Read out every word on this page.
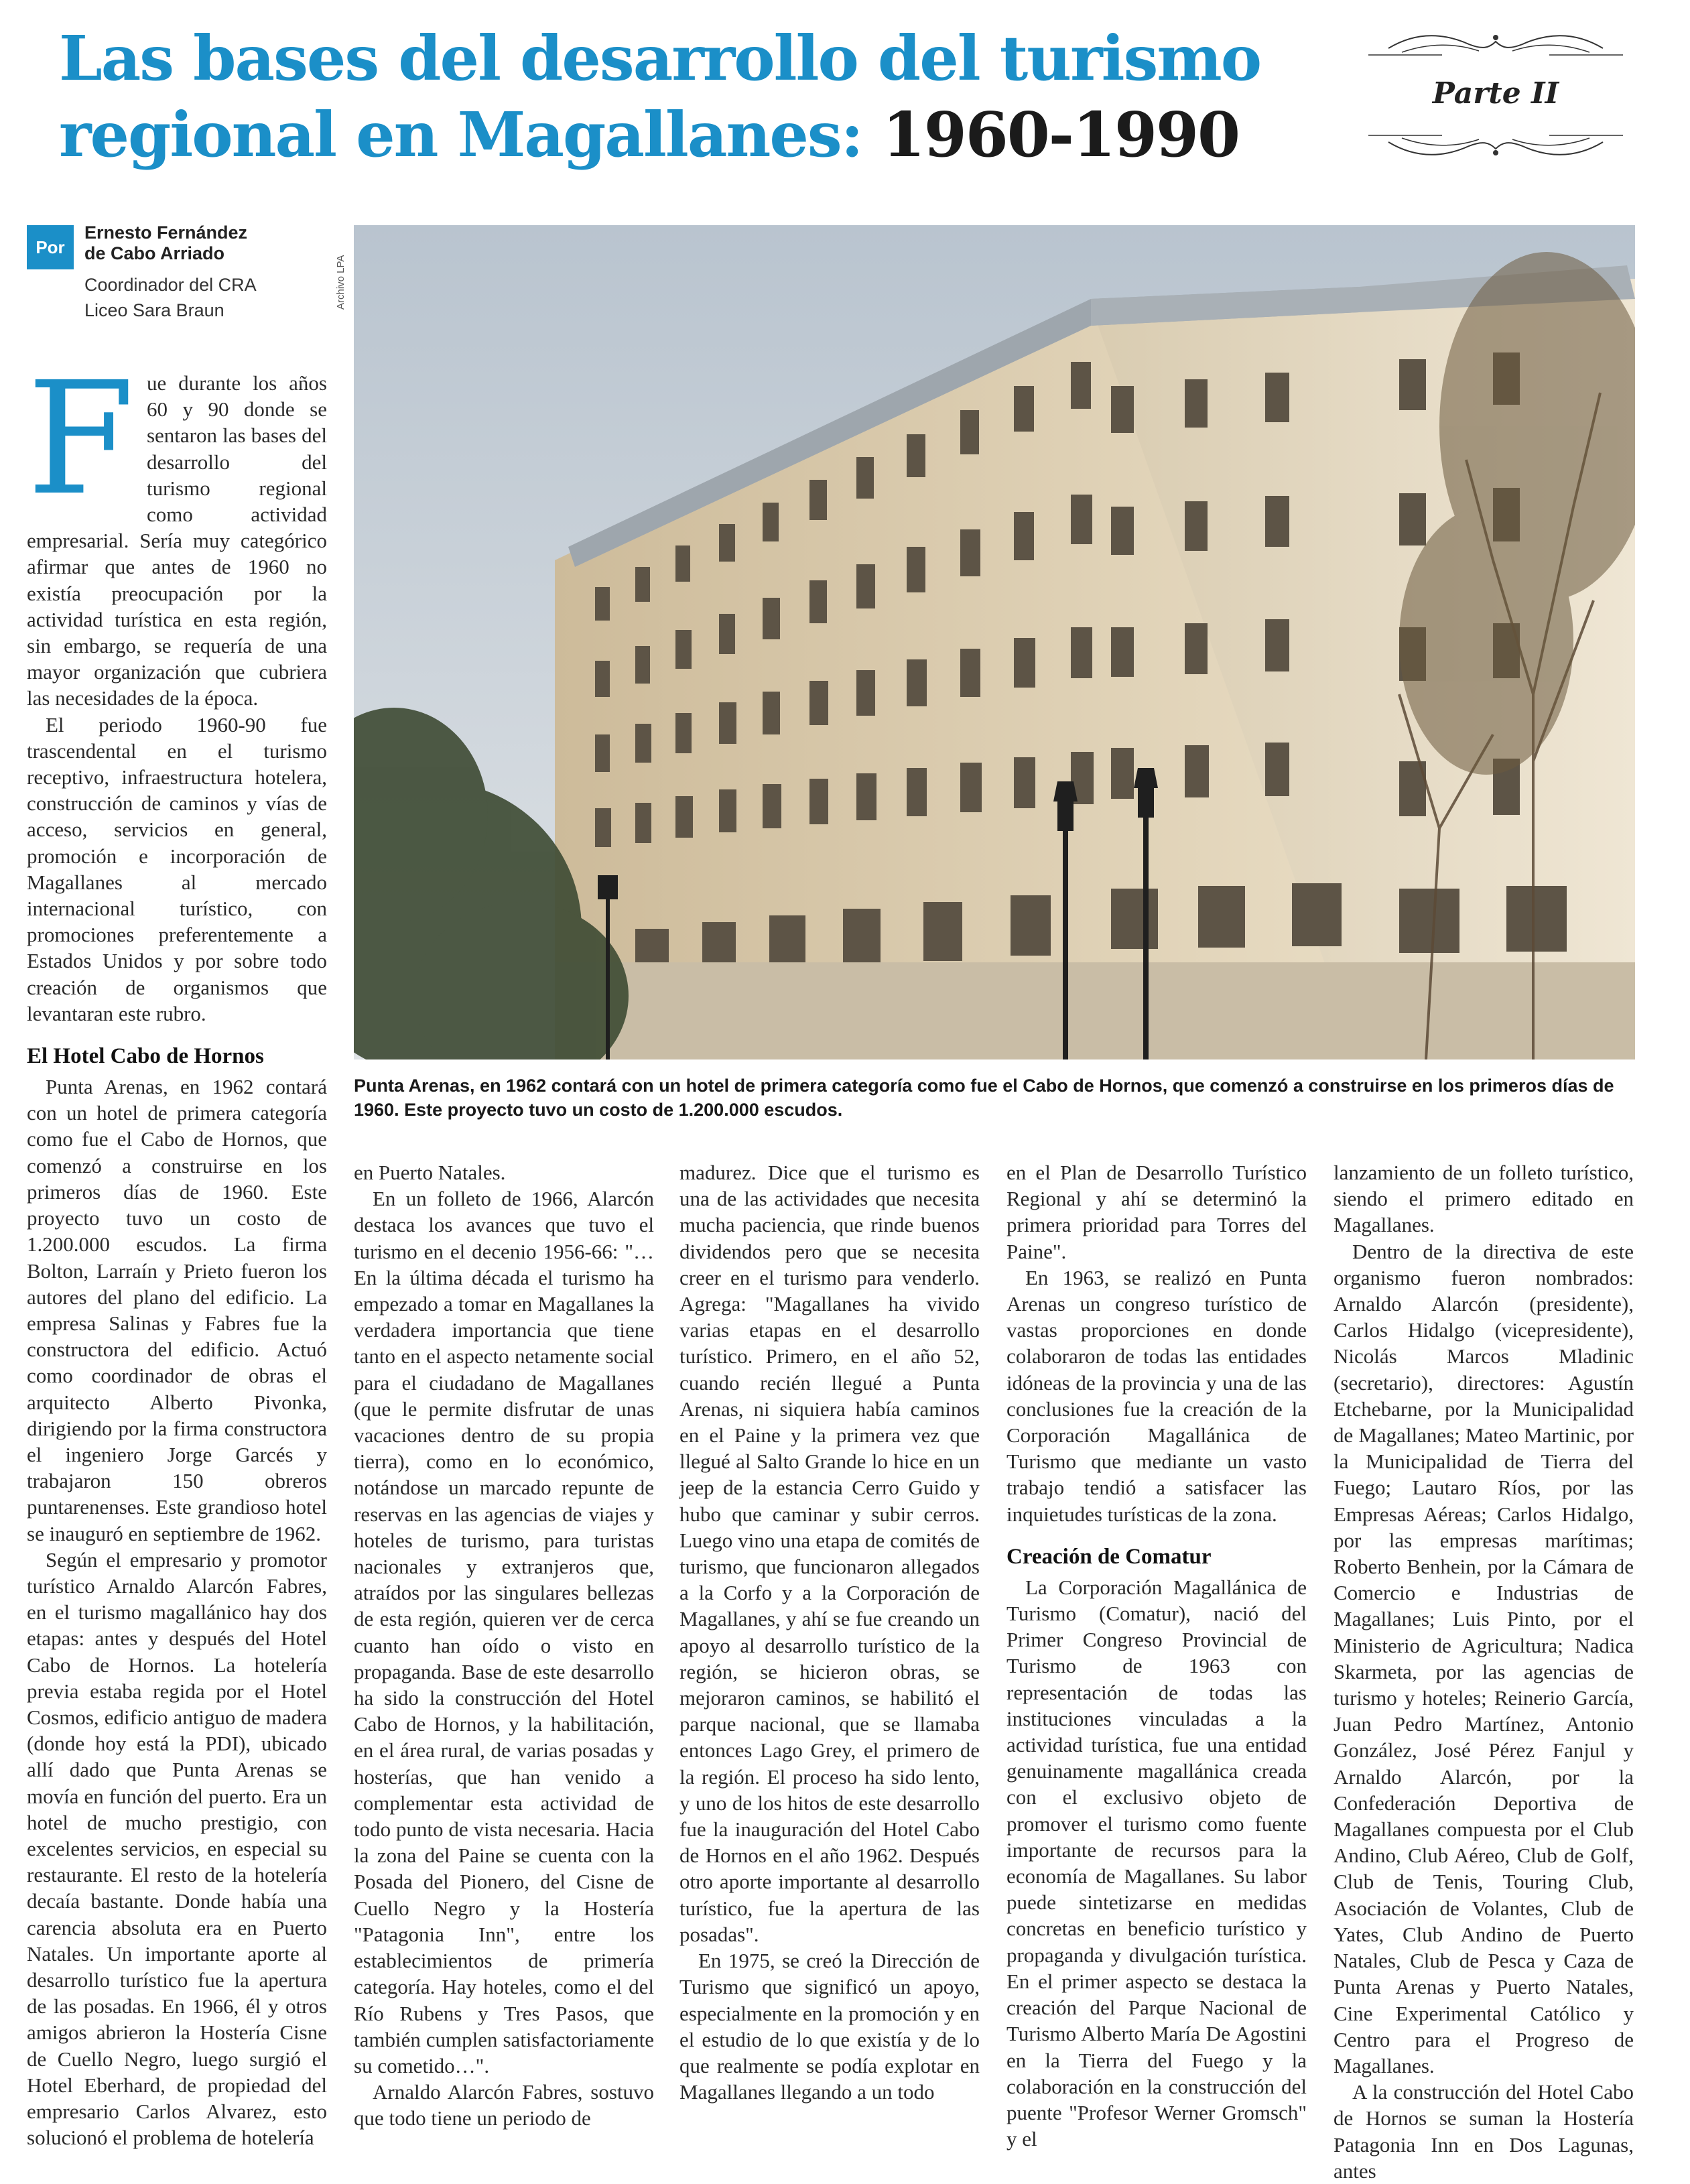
Las bases del desarrollo del turismo
regional en Magallanes: 1960-1990
Parte II
Por
Ernesto Fernández
de Cabo Arriado
Coordinador del CRA
Liceo Sara Braun
Archivo LPA
Punta Arenas, en 1962 contará con un hotel de primera categoría como fue el Cabo de Hornos, que comenzó a construirse en los primeros días de 1960. Este proyecto tuvo un costo de 1.200.000 escudos.
F ue durante los años 60 y 90 donde se sentaron las bases del desarrollo del turismo regional como actividad empresarial. Sería muy categórico afirmar que antes de 1960 no existía preocupación por la actividad turística en esta región, sin embargo, se requería de una mayor organización que cubriera las necesidades de la época.

El periodo 1960-90 fue trascendental en el turismo receptivo, infraestructura hotelera, construcción de caminos y vías de acceso, servicios en general, promoción e incorporación de Magallanes al mercado internacional turístico, con promociones preferentemente a Estados Unidos y por sobre todo creación de organismos que levantaran este rubro.

El Hotel Cabo de Hornos

Punta Arenas, en 1962 contará con un hotel de primera categoría como fue el Cabo de Hornos, que comenzó a construirse en los primeros días de 1960. Este proyecto tuvo un costo de 1.200.000 escudos. La firma Bolton, Larraín y Prieto fueron los autores del plano del edificio. La empresa Salinas y Fabres fue la constructora del edificio. Actuó como coordinador de obras el arquitecto Alberto Pivonka, dirigiendo por la firma constructora el ingeniero Jorge Garcés y trabajaron 150 obreros puntarenenses. Este grandioso hotel se inauguró en septiembre de 1962.

Según el empresario y promotor turístico Arnaldo Alarcón Fabres, en el turismo magallánico hay dos etapas: antes y después del Hotel Cabo de Hornos. La hotelería previa estaba regida por el Hotel Cosmos, edificio antiguo de madera (donde hoy está la PDI), ubicado allí dado que Punta Arenas se movía en función del puerto. Era un hotel de mucho prestigio, con excelentes servicios, en especial su restaurante. El resto de la hotelería decaía bastante. Donde había una carencia absoluta era en Puerto Natales. Un importante aporte al desarrollo turístico fue la apertura de las posadas. En 1966, él y otros amigos abrieron la Hostería Cisne de Cuello Negro, luego surgió el Hotel Eberhard, de propiedad del empresario Carlos Alvarez, esto solucionó el problema de hotelería

en Puerto Natales.

En un folleto de 1966, Alarcón destaca los avances que tuvo el turismo en el decenio 1956-66: "… En la última década el turismo ha empezado a tomar en Magallanes la verdadera importancia que tiene tanto en el aspecto netamente social para el ciudadano de Magallanes (que le permite disfrutar de unas vacaciones dentro de su propia tierra), como en lo económico, notándose un marcado repunte de reservas en las agencias de viajes y hoteles de turismo, para turistas nacionales y extranjeros que, atraídos por las singulares bellezas de esta región, quieren ver de cerca cuanto han oído o visto en propaganda. Base de este desarrollo ha sido la construcción del Hotel Cabo de Hornos, y la habilitación, en el área rural, de varias posadas y hosterías, que han venido a complementar esta actividad de todo punto de vista necesaria. Hacia la zona del Paine se cuenta con la Posada del Pionero, del Cisne de Cuello Negro y la Hostería "Patagonia Inn", entre los establecimientos de primería categoría. Hay hoteles, como el del Río Rubens y Tres Pasos, que también cumplen satisfactoriamente su cometido…".

Arnaldo Alarcón Fabres, sostuvo que todo tiene un periodo de

madurez. Dice que el turismo es una de las actividades que necesita mucha paciencia, que rinde buenos dividendos pero que se necesita creer en el turismo para venderlo. Agrega: "Magallanes ha vivido varias etapas en el desarrollo turístico. Primero, en el año 52, cuando recién llegué a Punta Arenas, ni siquiera había caminos en el Paine y la primera vez que llegué al Salto Grande lo hice en un jeep de la estancia Cerro Guido y hubo que caminar y subir cerros. Luego vino una etapa de comités de turismo, que funcionaron allegados a la Corfo y a la Corporación de Magallanes, y ahí se fue creando un apoyo al desarrollo turístico de la región, se hicieron obras, se mejoraron caminos, se habilitó el parque nacional, que se llamaba entonces Lago Grey, el primero de la región. El proceso ha sido lento, y uno de los hitos de este desarrollo fue la inauguración del Hotel Cabo de Hornos en el año 1962. Después otro aporte importante al desarrollo turístico, fue la apertura de las posadas".

En 1975, se creó la Dirección de Turismo que significó un apoyo, especialmente en la promoción y en el estudio de lo que existía y de lo que realmente se podía explotar en Magallanes llegando a un todo

en el Plan de Desarrollo Turístico Regional y ahí se determinó la primera prioridad para Torres del Paine".

En 1963, se realizó en Punta Arenas un congreso turístico de vastas proporciones en donde colaboraron de todas las entidades idóneas de la provincia y una de las conclusiones fue la creación de la Corporación Magallánica de Turismo que mediante un vasto trabajo tendió a satisfacer las inquietudes turísticas de la zona.

Creación de Comatur

La Corporación Magallánica de Turismo (Comatur), nació del Primer Congreso Provincial de Turismo de 1963 con representación de todas las instituciones vinculadas a la actividad turística, fue una entidad genuinamente magallánica creada con el exclusivo objeto de promover el turismo como fuente importante de recursos para la economía de Magallanes. Su labor puede sintetizarse en medidas concretas en beneficio turístico y propaganda y divulgación turística. En el primer aspecto se destaca la creación del Parque Nacional de Turismo Alberto María De Agostini en la Tierra del Fuego y la colaboración en la construcción del puente "Profesor Werner Gromsch" y el

lanzamiento de un folleto turístico, siendo el primero editado en Magallanes.

Dentro de la directiva de este organismo fueron nombrados: Arnaldo Alarcón (presidente), Carlos Hidalgo (vicepresidente), Nicolás Marcos Mladinic (secretario), directores: Agustín Etchebarne, por la Municipalidad de Magallanes; Mateo Martinic, por la Municipalidad de Tierra del Fuego; Lautaro Ríos, por las Empresas Aéreas; Carlos Hidalgo, por las empresas marítimas; Roberto Benhein, por la Cámara de Comercio e Industrias de Magallanes; Luis Pinto, por el Ministerio de Agricultura; Nadica Skarmeta, por las agencias de turismo y hoteles; Reinerio García, Juan Pedro Martínez, Antonio González, José Pérez Fanjul y Arnaldo Alarcón, por la Confederación Deportiva de Magallanes compuesta por el Club Andino, Club Aéreo, Club de Golf, Club de Tenis, Touring Club, Asociación de Volantes, Club de Yates, Club Andino de Puerto Natales, Club de Pesca y Caza de Punta Arenas y Puerto Natales, Cine Experimental Católico y Centro para el Progreso de Magallanes.

A la construcción del Hotel Cabo de Hornos se suman la Hostería Patagonia Inn en Dos Lagunas, antes
